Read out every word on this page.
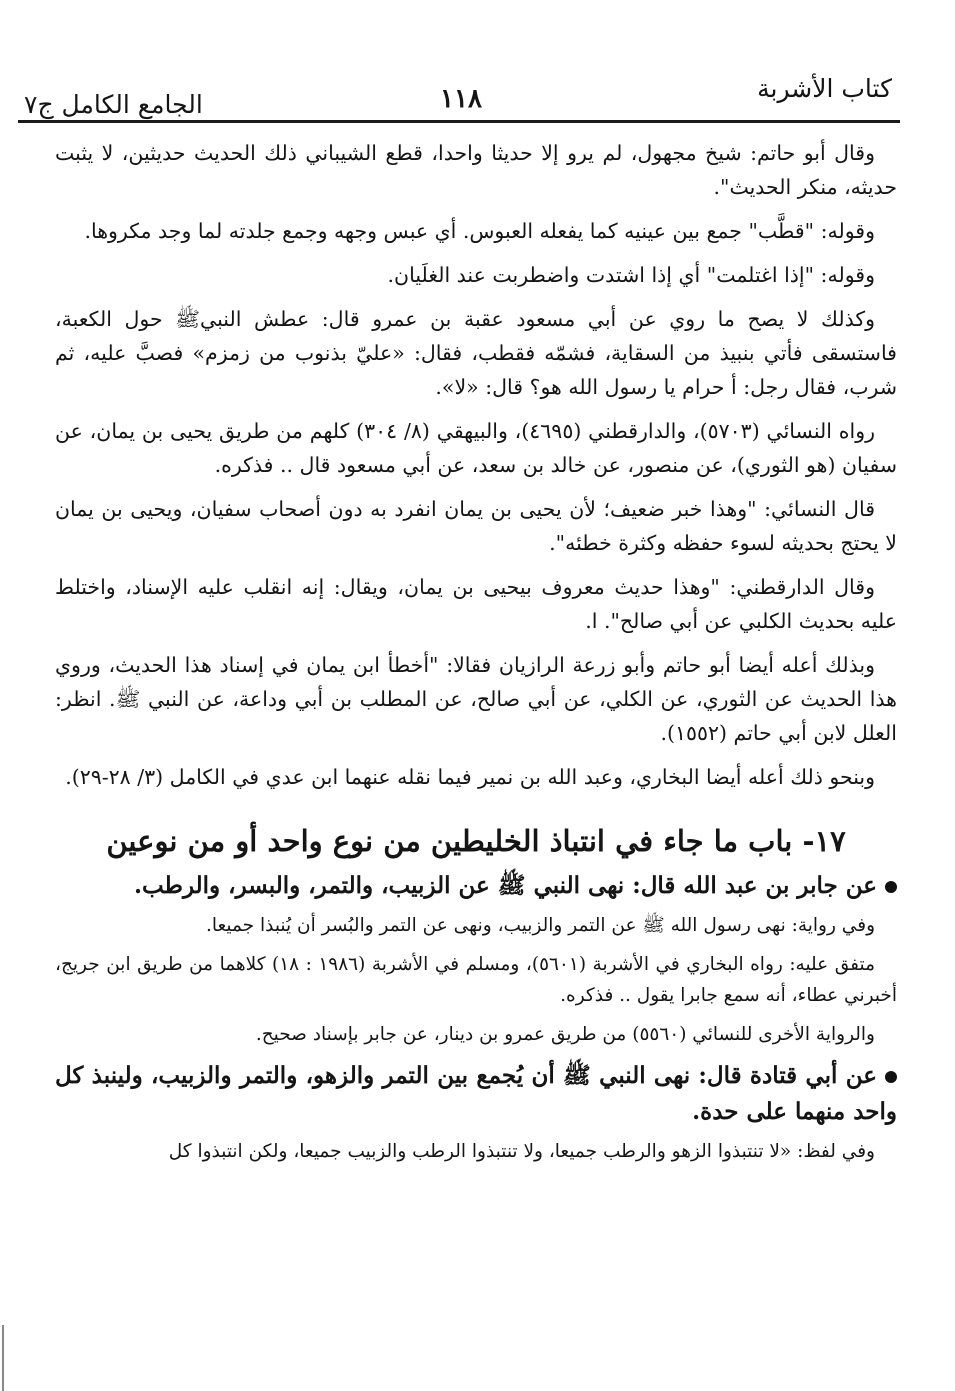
كتاب الأشربة
١١٨
الجامع الكامل ج٧

وقال أبو حاتم: شيخ مجهول، لم يرو إلا حديثا واحدا، قطع الشيباني ذلك الحديث حديثين، لا يثبت حديثه، منكر الحديث".

وقوله: "قطَّب" جمع بين عينيه كما يفعله العبوس. أي عبس وجهه وجمع جلدته لما وجد مكروها.

وقوله: "إذا اغتلمت" أي إذا اشتدت واضطربت عند الغلَيان.

وكذلك لا يصح ما روي عن أبي مسعود عقبة بن عمرو قال: عطش النبيﷺ حول الكعبة، فاستسقى فأتي بنبيذ من السقاية، فشمّه فقطب، فقال: «عليّ بذنوب من زمزم» فصبَّ عليه، ثم شرب، فقال رجل: أ حرام يا رسول الله هو؟ قال: «لا».

رواه النسائي (٥٧٠٣)، والدارقطني (٤٦٩٥)، والبيهقي (٨/ ٣٠٤) كلهم من طريق يحيى بن يمان، عن سفيان (هو الثوري)، عن منصور، عن خالد بن سعد، عن أبي مسعود قال .. فذكره.

قال النسائي: "وهذا خبر ضعيف؛ لأن يحيى بن يمان انفرد به دون أصحاب سفيان، ويحيى بن يمان لا يحتج بحديثه لسوء حفظه وكثرة خطئه".

وقال الدارقطني: "وهذا حديث معروف بيحيى بن يمان، ويقال: إنه انقلب عليه الإسناد، واختلط عليه بحديث الكلبي عن أبي صالح". ا.

وبذلك أعله أيضا أبو حاتم وأبو زرعة الرازيان فقالا: "أخطأ ابن يمان في إسناد هذا الحديث، وروي هذا الحديث عن الثوري، عن الكلي، عن أبي صالح، عن المطلب بن أبي وداعة، عن النبي ﷺ. انظر: العلل لابن أبي حاتم (١٥٥٢).

وبنحو ذلك أعله أيضا البخاري، وعبد الله بن نمير فيما نقله عنهما ابن عدي في الكامل (٣/ ٢٨-٢٩).

١٧- باب ما جاء في انتباذ الخليطين من نوع واحد أو من نوعين

عن جابر بن عبد الله قال: نهى النبي ﷺ عن الزبيب، والتمر، والبسر، والرطب.

وفي رواية: نهى رسول الله ﷺ عن التمر والزبيب، ونهى عن التمر والبُسر أن يُنبذا جميعا.

متفق عليه: رواه البخاري في الأشربة (٥٦٠١)، ومسلم في الأشربة (١٩٨٦ : ١٨) كلاهما من طريق ابن جريج، أخبرني عطاء، أنه سمع جابرا يقول .. فذكره.

والرواية الأخرى للنسائي (٥٥٦٠) من طريق عمرو بن دينار، عن جابر بإسناد صحيح.

عن أبي قتادة قال: نهى النبي ﷺ أن يُجمع بين التمر والزهو، والتمر والزبيب، ولينبذ كل واحد منهما على حدة.

وفي لفظ: «لا تنتبذوا الزهو والرطب جميعا، ولا تنتبذوا الرطب والزبيب جميعا، ولكن انتبذوا كل
